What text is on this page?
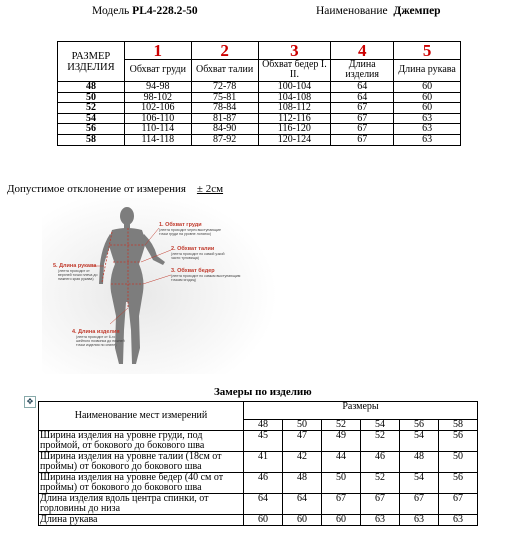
Модель PL4-228.2-50	Наименование Джемпер
РАЗМЕР ИЗДЕЛИЯ	1	2	3	4	5
	Обхват груди	Обхват талии	Обхват бедер I. II.	Длина изделия	Длина рукава
48	94-98	72-78	100-104	64	60
50	98-102	75-81	104-108	64	60
52	102-106	78-84	108-112	67	60
54	106-110	81-87	112-116	67	63
56	110-114	84-90	116-120	67	63
58	114-118	87-92	120-124	67	63
Допустимое отклонение от измерения ± 2см
1. Обхват груди
(лента проходит через выступающие
точки груди на уровне лопаток)
2. Обхват талии
(лента проходит по самой узкой
части туловища)
3. Обхват бедер
(лента проходит по самым выступающим
точкам ягодиц)
4. Длина изделия
(лента проходит от 6-го
шейного позвонка до нижней
точки изделия по спине)
5. Длина рукава
(лента проходит от
верхней точки плеча до
нижнего края рукава)
✥
Замеры по изделию
Наименование мест измерений	Размеры					
	48	50	52	54	56	58
Ширина изделия на уровне груди, под проймой, от бокового до бокового шва	45	47	49	52	54	56
Ширина изделия на уровне талии (18см от проймы) от бокового до бокового шва	41	42	44	46	48	50
Ширина изделия на уровне бедер (40 см от проймы) от бокового до бокового шва	46	48	50	52	54	56
Длина изделия вдоль центра спинки, от горловины до низа	64	64	67	67	67	67
Длина рукава	60	60	60	63	63	63
